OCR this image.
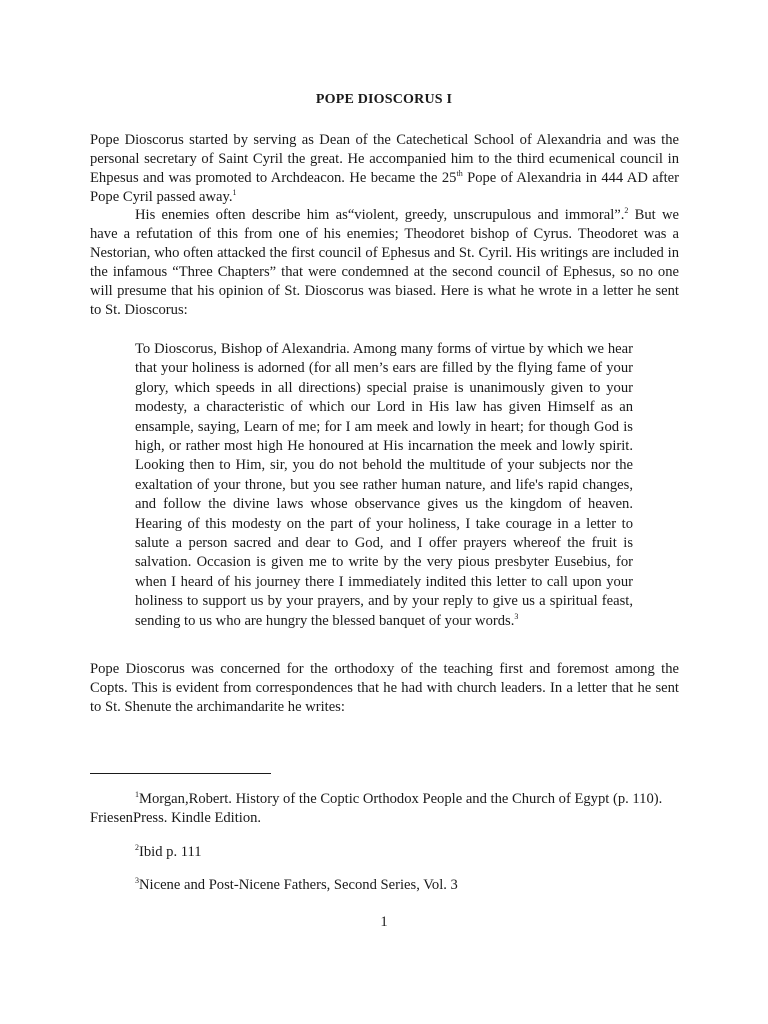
POPE DIOSCORUS I

Pope Dioscorus started by serving as Dean of the Catechetical School of Alexandria and was the personal secretary of Saint Cyril the great. He accompanied him to the third ecumenical council in Ehpesus and was promoted to Archdeacon. He became the 25th Pope of Alexandria in 444 AD after Pope Cyril passed away.$^1$

His enemies often describe him as“violent, greedy, unscrupulous and immoral”.$^2$ But we have a refutation of this from one of his enemies; Theodoret bishop of Cyrus. Theodoret was a Nestorian, who often attacked the first council of Ephesus and St. Cyril. His writings are included in the infamous “Three Chapters” that were condemned at the second council of Ephesus, so no one will presume that his opinion of St. Dioscorus was biased. Here is what he wrote in a letter he sent to St. Dioscorus:

To Dioscorus, Bishop of Alexandria. Among many forms of virtue by which we hear that your holiness is adorned (for all men’s ears are filled by the flying fame of your glory, which speeds in all directions) special praise is unanimously given to your modesty, a characteristic of which our Lord in His law has given Himself as an ensample, saying, Learn of me; for I am meek and lowly in heart; for though God is high, or rather most high He honoured at His incarnation the meek and lowly spirit. Looking then to Him, sir, you do not behold the multitude of your subjects nor the exaltation of your throne, but you see rather human nature, and life's rapid changes, and follow the divine laws whose observance gives us the kingdom of heaven. Hearing of this modesty on the part of your holiness, I take courage in a letter to salute a person sacred and dear to God, and I offer prayers whereof the fruit is salvation. Occasion is given me to write by the very pious presbyter Eusebius, for when I heard of his journey there I immediately indited this letter to call upon your holiness to support us by your prayers, and by your reply to give us a spiritual feast, sending to us who are hungry the blessed banquet of your words.$^3$

Pope Dioscorus was concerned for the orthodoxy of the teaching first and foremost among the Copts. This is evident from correspondences that he had with church leaders. In a letter that he sent to St. Shenute the archimandarite he writes:

$^1$Morgan,Robert. History of the Coptic Orthodox People and the Church of Egypt (p. 110). FriesenPress. Kindle Edition.

$^2$Ibid p. 111

$^3$Nicene and Post-Nicene Fathers, Second Series, Vol. 3

1
